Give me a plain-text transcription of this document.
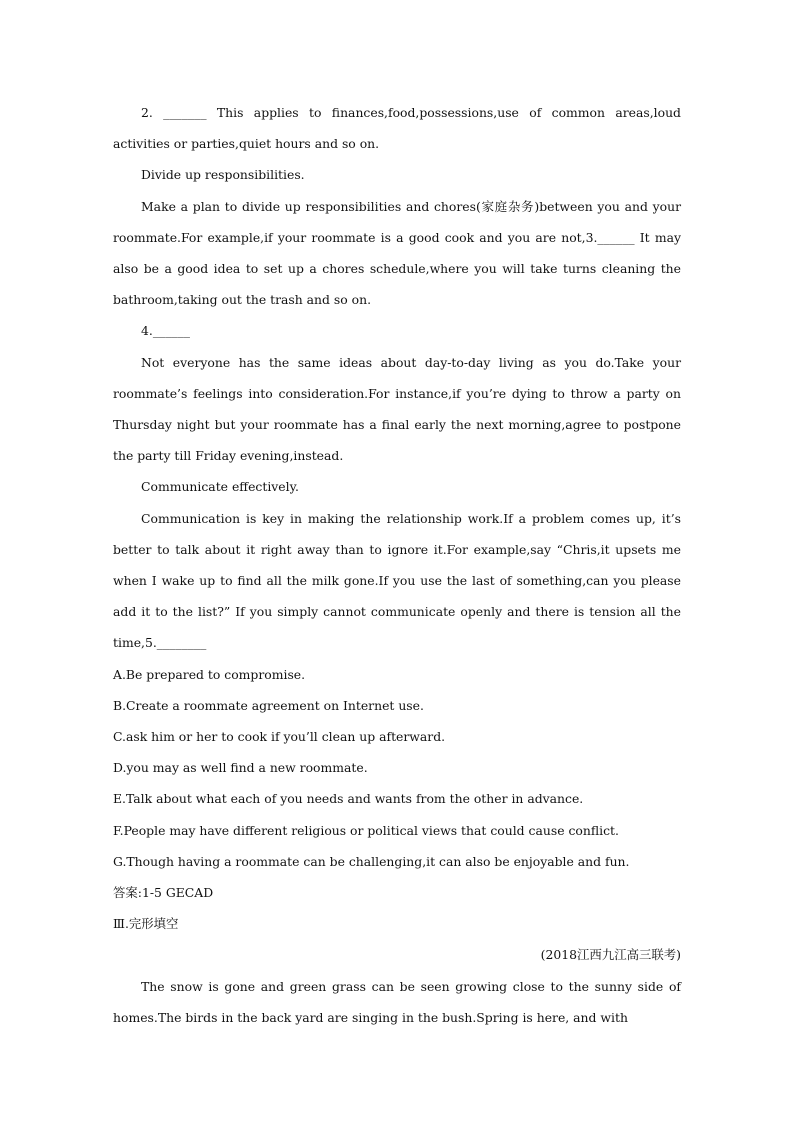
2. _______ This applies to finances,food,possessions,use of common areas,loud activities or parties,quiet hours and so on.

Divide up responsibilities.

Make a plan to divide up responsibilities and chores(家庭杂务)between you and your roommate.For example,if your roommate is a good cook and you are not,3.______ It may also be a good idea to set up a chores schedule,where you will take turns cleaning the bathroom,taking out the trash and so on.

4.______

Not everyone has the same ideas about day-to-day living as you do.Take your roommate’s feelings into consideration.For instance,if you’re dying to throw a party on Thursday night but your roommate has a final early the next morning,agree to postpone the party till Friday evening,instead.

Communicate effectively.

Communication is key in making the relationship work.If a problem comes up, it’s better to talk about it right away than to ignore it.For example,say “Chris,it upsets me when I wake up to find all the milk gone.If you use the last of something,can you please add it to the list?” If you simply cannot communicate openly and there is tension all the time,5.________

A.Be prepared to compromise.

B.Create a roommate agreement on Internet use.

C.ask him or her to cook if you’ll clean up afterward.

D.you may as well find a new roommate.

E.Talk about what each of you needs and wants from the other in advance.

F.People may have different religious or political views that could cause conflict.

G.Though having a roommate can be challenging,it can also be enjoyable and fun.

答案:1-5 GECAD

Ⅲ.完形填空

(2018江西九江高三联考)

The snow is gone and green grass can be seen growing close to the sunny side of homes.The birds in the back yard are singing in the bush.Spring is here, and with
